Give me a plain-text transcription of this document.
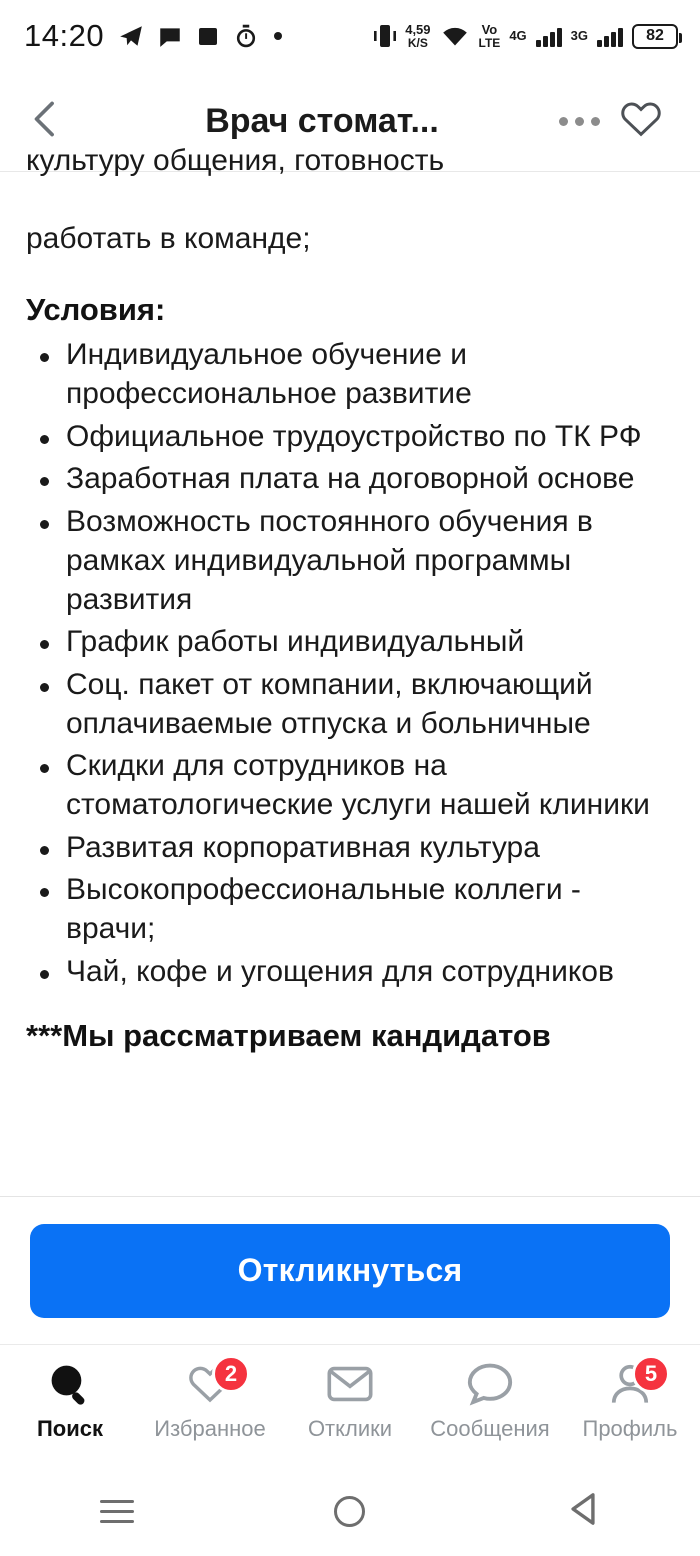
14:20	4,59
K/S
Vo
LTE 4G	3G	82
Врач стомат...
культуру общения, готовность
работать в команде;
Условия:
Индивидуальное обучение и профессиональное развитие
Официальное трудоустройство по ТК РФ
Заработная плата на договорной основе
Возможность постоянного обучения в рамках индивидуальной программы развития
График работы индивидуальный
Соц. пакет от компании, включающий оплачиваемые отпуска и больничные
Скидки для сотрудников на стоматологические услуги нашей клиники
Развитая корпоративная культура
Высокопрофессиональные коллеги - врачи;
Чай, кофе и угощения для сотрудников
***Мы рассматриваем кандидатов
Откликнуться
Поиск
2
Избранное Отклики Сообщения
5
Профиль
